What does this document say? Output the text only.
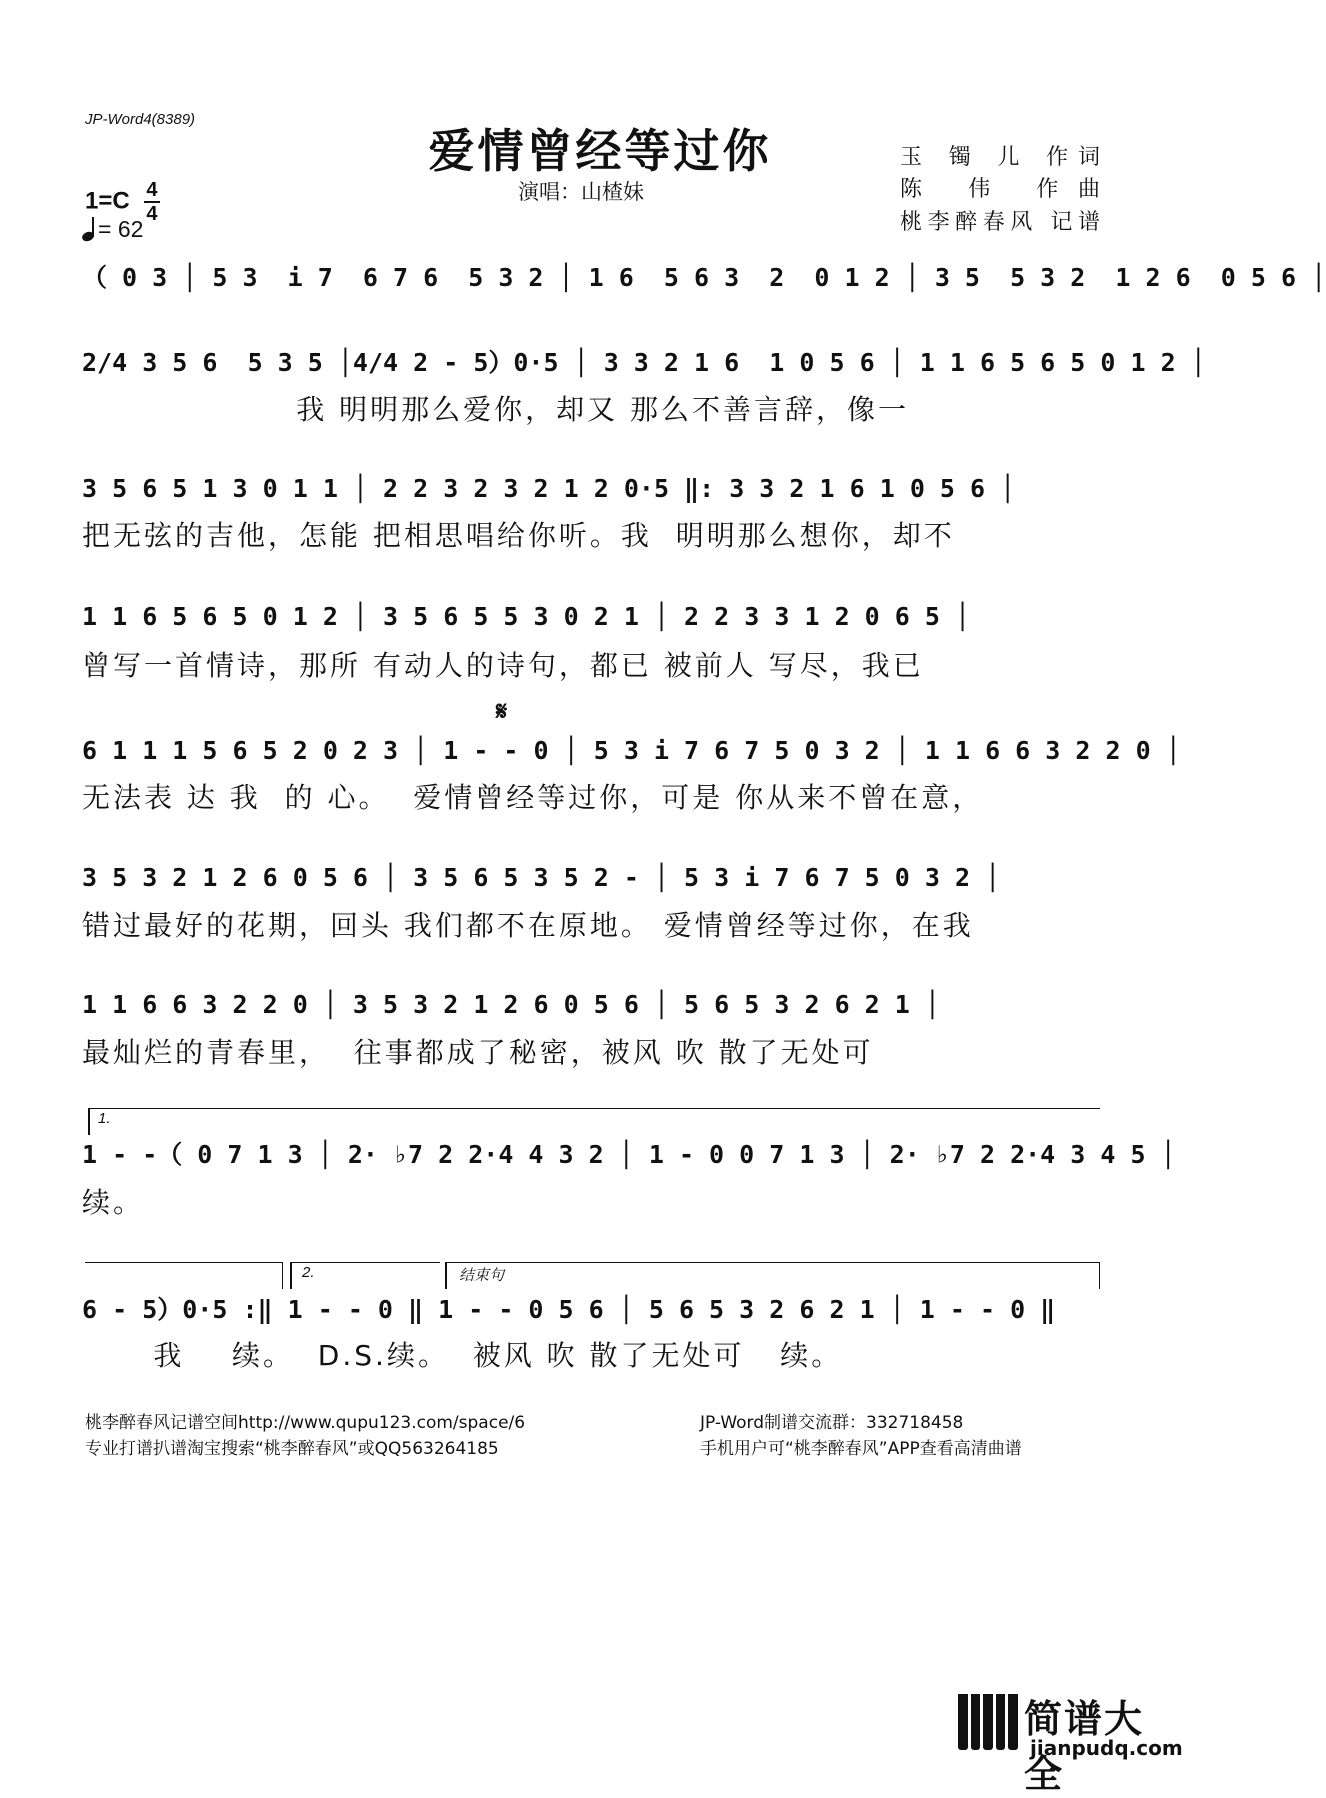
JP-Word4(8389)
爱情曾经等过你
演唱：山楂妹
玉 镯 儿 作词
陈 伟 作曲
桃李醉春风 记谱
$1=C \frac{4}{4}$
= 62
（ 0 3 │ 5 3  i 7  6 7 6  5 3 2 │ 1 6  5 6 3  2  0 1 2 │ 3 5  5 3 2  1 2 6  0 5 6 │
2/4 3 5 6  5 3 5 │4/4 2 - 5）0·5 │ 3 3 2 1 6  1 0 5 6 │ 1 1 6 5 6 5 0 1 2 │
我 明明那么爱你，却又 那么不善言辞，像一
3 5 6 5 1 3 0 1 1 │ 2 2 3 2 3 2 1 2 0·5 ‖: 3 3 2 1 6 1 0 5 6 │
把无弦的吉他，怎能 把相思唱给你听。我  明明那么想你，却不
1 1 6 5 6 5 0 1 2 │ 3 5 6 5 5 3 0 2 1 │ 2 2 3 3 1 2 0 6 5 │
曾写一首情诗，那所 有动人的诗句，都已 被前人 写尽，我已
𝄋
6 1 1 1 5 6 5 2 0 2 3 │ 1 - - 0 │ 5 3 i 7 6 7 5 0 3 2 │ 1 1 6 6 3 2 2 0 │
无法表 达 我  的 心。  爱情曾经等过你，可是 你从来不曾在意，
3 5 3 2 1 2 6 0 5 6 │ 3 5 6 5 3 5 2 - │ 5 3 i 7 6 7 5 0 3 2 │
错过最好的花期，回头 我们都不在原地。 爱情曾经等过你，在我
1 1 6 6 3 2 2 0 │ 3 5 3 2 1 2 6 0 5 6 │ 5 6 5 3 2 6 2 1 │
最灿烂的青春里，  往事都成了秘密，被风 吹 散了无处可
1.
1 - -（ 0 7 1 3 │ 2· ♭7 2 2·4 4 3 2 │ 1 - 0 0 7 1 3 │ 2· ♭7 2 2·4 3 4 5 │
续。
2.	结束句
6 - 5）0·5 :‖ 1 - - 0 ‖ 1 - - 0 5 6 │ 5 6 5 3 2 6 2 1 │ 1 - - 0 ‖
我    续。  D.S.续。  被风 吹 散了无处可   续。
桃李醉春风记谱空间http://www.qupu123.com/space/6
专业打谱扒谱淘宝搜索“桃李醉春风”或QQ563264185
JP-Word制谱交流群：332718458
手机用户可“桃李醉春风”APP查看高清曲谱
简谱大全
jianpudq.com
